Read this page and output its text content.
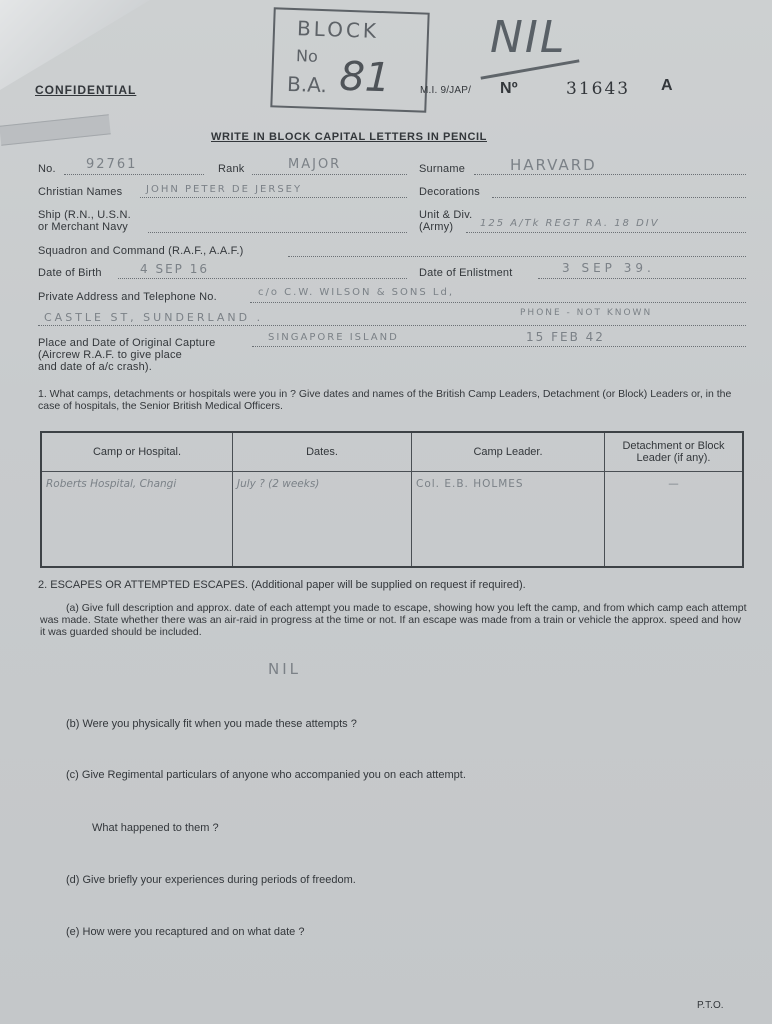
CONFIDENTIAL
BLOCK
No
B.A. 81
NIL
M.I. 9/JAP/ Nº	31643 A
WRITE IN BLOCK CAPITAL LETTERS IN PENCIL
No. 92761	Rank	MAJOR	Surname	HARVARD
Christian Names JOHN PETER DE JERSEY	Decorations
Ship (R.N., U.S.N.
or Merchant Navy
Unit & Div.
(Army)	125 A/Tk REGT RA. 18 DIV
Squadron and Command (R.A.F., A.A.F.)
Date of Birth	4 SEP 16	Date of Enlistment	3 SEP 39.
Private Address and Telephone No.	c/o C.W. WILSON & SONS Ld,
CASTLE ST, SUNDERLAND .	PHONE - NOT KNOWN
Place and Date of Original Capture
(Aircrew R.A.F. to give place
and date of a/c crash).
SINGAPORE ISLAND	15 FEB 42
1. What camps, detachments or hospitals were you in ? Give dates and names of the British Camp Leaders, Detachment (or Block) Leaders or, in the case of hospitals, the Senior British Medical Officers.
Camp or Hospital.	Dates.	Camp Leader.	Detachment or Block Leader (if any).
Roberts Hospital, Changi	July ? (2 weeks)	Col. E.B. HOLMES	—
2. ESCAPES OR ATTEMPTED ESCAPES. (Additional paper will be supplied on request if required).
(a) Give full description and approx. date of each attempt you made to escape, showing how you left the camp, and from which camp each attempt was made. State whether there was an air-raid in progress at the time or not. If an escape was made from a train or vehicle the approx. speed and how it was guarded should be included.
NIL
(b) Were you physically fit when you made these attempts ?
(c) Give Regimental particulars of anyone who accompanied you on each attempt.
What happened to them ?
(d) Give briefly your experiences during periods of freedom.
(e) How were you recaptured and on what date ?
P.T.O.
